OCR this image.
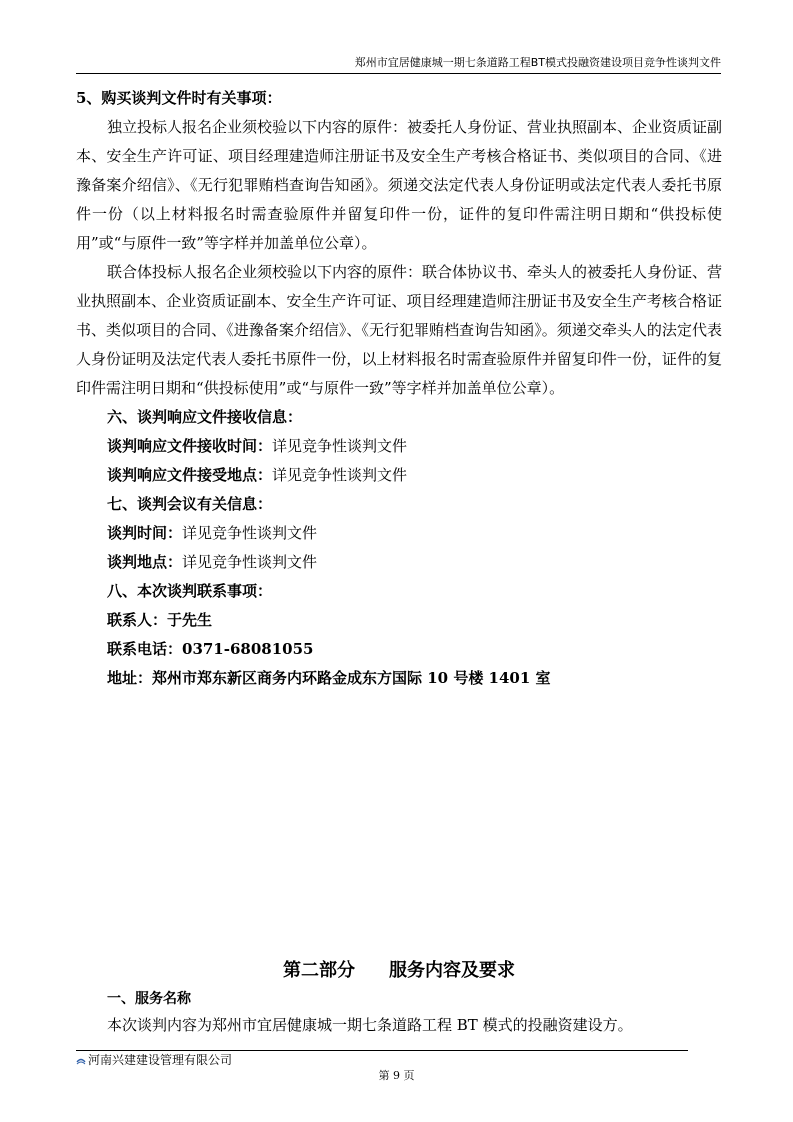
郑州市宜居健康城一期七条道路工程BT模式投融资建设项目竞争性谈判文件

5、购买谈判文件时有关事项：

独立投标人报名企业须校验以下内容的原件：被委托人身份证、营业执照副本、企业资质证副本、安全生产许可证、项目经理建造师注册证书及安全生产考核合格证书、类似项目的合同、《进豫备案介绍信》、《无行犯罪贿档查询告知函》。须递交法定代表人身份证明或法定代表人委托书原件一份（以上材料报名时需查验原件并留复印件一份，证件的复印件需注明日期和“供投标使用”或“与原件一致”等字样并加盖单位公章）。

联合体投标人报名企业须校验以下内容的原件：联合体协议书、牵头人的被委托人身份证、营业执照副本、企业资质证副本、安全生产许可证、项目经理建造师注册证书及安全生产考核合格证书、类似项目的合同、《进豫备案介绍信》、《无行犯罪贿档查询告知函》。须递交牵头人的法定代表人身份证明及法定代表人委托书原件一份，以上材料报名时需查验原件并留复印件一份，证件的复印件需注明日期和“供投标使用”或“与原件一致”等字样并加盖单位公章）。

六、谈判响应文件接收信息：

谈判响应文件接收时间：详见竞争性谈判文件

谈判响应文件接受地点：详见竞争性谈判文件

七、谈判会议有关信息：

谈判时间：详见竞争性谈判文件

谈判地点：详见竞争性谈判文件

八、本次谈判联系事项：

联系人：于先生

联系电话：0371-68081055

地址：郑州市郑东新区商务内环路金成东方国际 10 号楼 1401 室

第二部分 服务内容及要求
一、服务名称
本次谈判内容为郑州市宜居健康城一期七条道路工程 BT 模式的投融资建设方。
河南兴建建设管理有限公司
第 9 页
